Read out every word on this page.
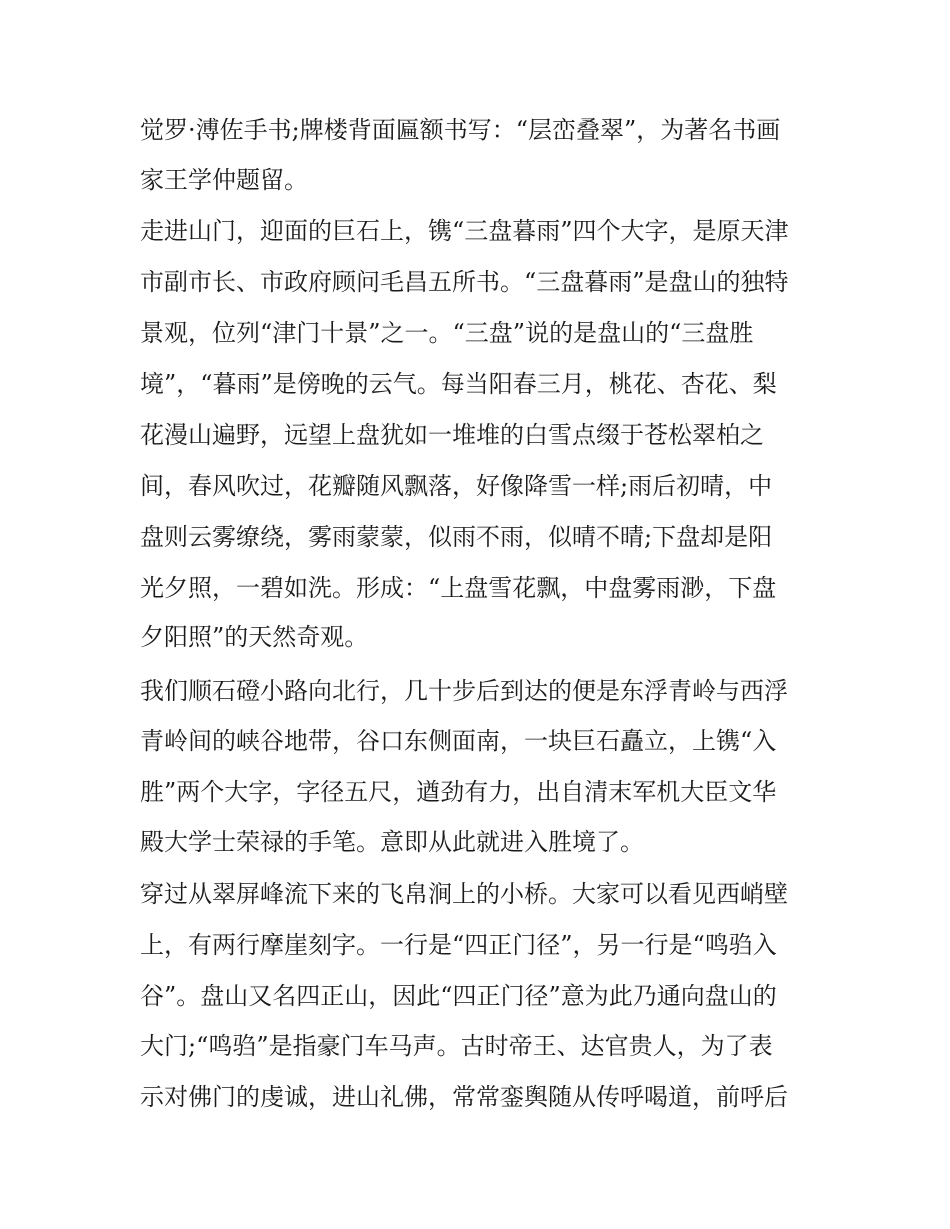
觉罗·溥佐手书;牌楼背面匾额书写：“层峦叠翠”，为著名书画

家王学仲题留。

走进山门，迎面的巨石上，镌“三盘暮雨”四个大字，是原天津

市副市长、市政府顾问毛昌五所书。“三盘暮雨”是盘山的独特

景观，位列“津门十景”之一。“三盘”说的是盘山的“三盘胜

境”，“暮雨”是傍晚的云气。每当阳春三月，桃花、杏花、梨

花漫山遍野，远望上盘犹如一堆堆的白雪点缀于苍松翠柏之

间，春风吹过，花瓣随风飘落，好像降雪一样;雨后初晴，中

盘则云雾缭绕，雾雨蒙蒙，似雨不雨，似晴不晴;下盘却是阳

光夕照，一碧如洗。形成：“上盘雪花飘，中盘雾雨渺，下盘

夕阳照”的天然奇观。

我们顺石磴小路向北行，几十步后到达的便是东浮青岭与西浮

青岭间的峡谷地带，谷口东侧面南，一块巨石矗立，上镌“入

胜”两个大字，字径五尺，遒劲有力，出自清末军机大臣文华

殿大学士荣禄的手笔。意即从此就进入胜境了。

穿过从翠屏峰流下来的飞帛涧上的小桥。大家可以看见西峭壁

上，有两行摩崖刻字。一行是“四正门径”，另一行是“鸣驺入

谷”。盘山又名四正山，因此“四正门径”意为此乃通向盘山的

大门;“鸣驺”是指豪门车马声。古时帝王、达官贵人，为了表

示对佛门的虔诚，进山礼佛，常常銮舆随从传呼喝道，前呼后
